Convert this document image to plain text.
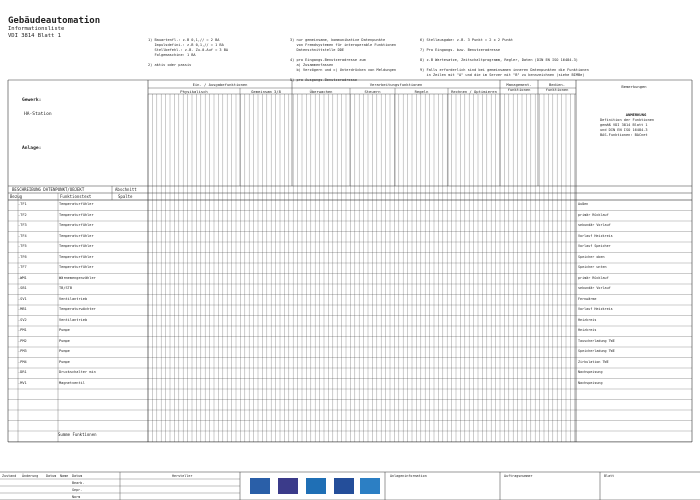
Gebäudeautomation
Informationsliste
VDI 3814 Blatt 1
1) Bauartenfl.: z.B 0,1,// = 2 BA
Impulsdefini.: z.B 0,1,// = 1 BA
Stellbefehl.: z.B. Zu-0-Auf = 3 BA
Folgemaschine: 1 BA

2) aktiv oder passiv
3) nur gemeinsame, kommunikative Datenpunkte
von Fremdsystemen für interoperable Funktionen
Datenschnittstelle DDE

4) pro Eingangs-Benutzeradresse zum
a) Zusammenfassen
b) Verzögern und c) Unterdrücken von Meldungen

pro Ausgangs-Benutzeradresse
6) Stellausgabe: z.B. 3 Punkt = 2 x 2 Punkt

7) Pro Eingangs- bzw. Benutzeradresse

8) z.B Wartesatze, Zeitschaltprogramm, Regler, Daten (DIN EN ISO 16484-3)

9) Falls erforderlich sind bei gemeinsamen inneren Datenpunkten die Funktionen
in Zeilen mit "A" und die im Server mit "B" zu kennzeichnen (siehe BIMBe)
Gewerk:
HA-Station
Anlage:
Ein- / Ausgabefunktionen
Physikalisch	Gemeinsam 3/8
Verarbeitungsfunktionen
Überwachen	Steuern	Regeln	Rechnen / Optimieren
Management-funktionen
Bedien-funktionen
Bemerkungen
ANMERKUNG
Definition der Funktionen
gemäß VDI 3814 Blatt 1
und DIN EN ISO 16484-3
BAS-Funktionen: BACnet
BESCHREIBUNG DATENPUNKT/OBJEKT	Abschnitt
Bezug	Funktionstext	Spalte
-TF1	Temperaturfühler	Außen
-TF2	Temperaturfühler	primär Rücklauf
-TF3	Temperaturfühler	sekundär Vorlauf
-TF4	Temperaturfühler	Vorlauf Heizkreis
-TF5	Temperaturfühler	Vorlauf Speicher
-TF6	Temperaturfühler	Speicher oben
-TF7	Temperaturfühler	Speicher unten
-WM1	Wärmemengenzähler	primär Rücklauf
-SB1	TB/STB	sekundär Vorlauf
-SV1	Ventilantrieb	Fernwärme
-MB1	Temperaturwächter	Vorlauf Heizkreis
-SV2	Ventilantrieb	Heizkreis
-PM1	Pumpe	Heizkreis
-PM2	Pumpe	Tauscherladung TWE
-PM3	Pumpe	Speicherladung TWE
-PM4	Pumpe	Zirkulation TWE
-DR1	Druckschalter min	Nachspeisung
-MV1	Magnetventil	Nachspeisung
Summe Funktionen
Zustand Änderung Datum Name Datum
Bearb.
Gepr.
Norm
Hersteller	Anlageninformation	Auftragsnummer	Blatt
